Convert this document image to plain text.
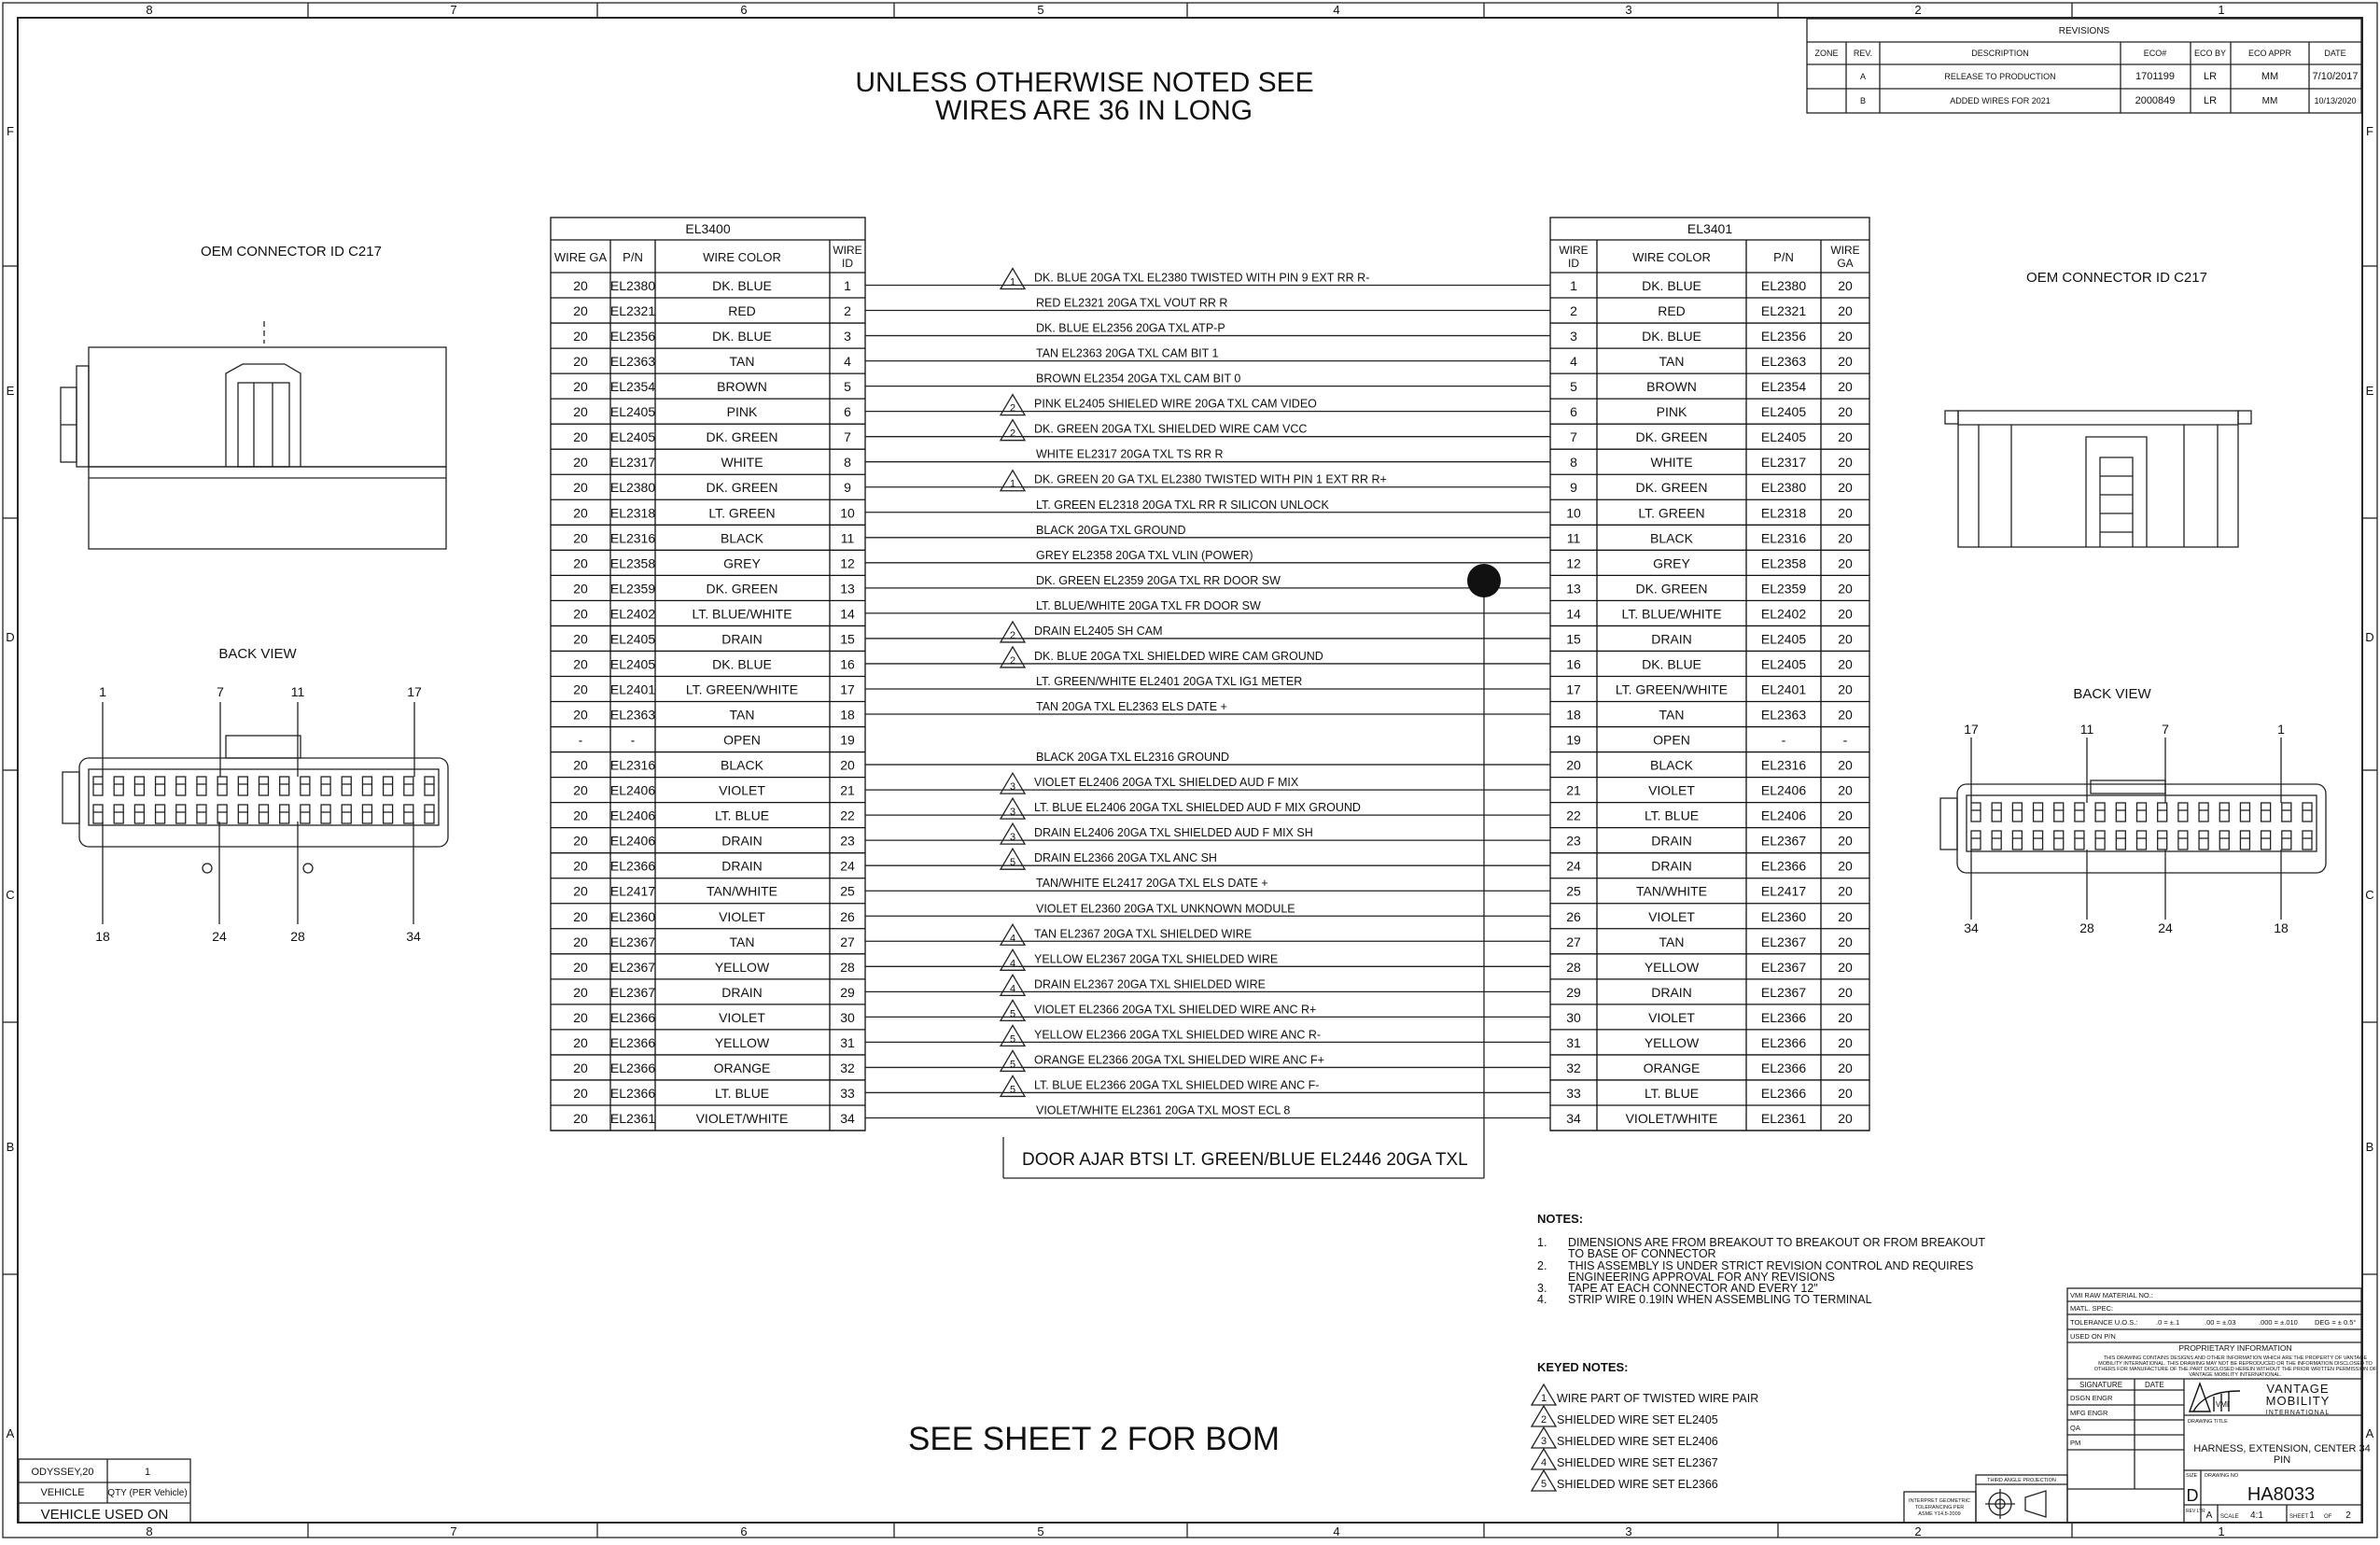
8
8
7
7
6
6
5
5
4
4
3
3
2
2
1
1
F	F
E	E
D	D
C	C
B	B
A	A
UNLESS OTHERWISE NOTED SEE
WIRES ARE 36 IN LONG
REVISIONS
ZONE REV.	DESCRIPTION	ECO#	ECO BY	ECO APPR	DATE
A	RELEASE TO PRODUCTION	1701199	LR	MM	7/10/2017
B	ADDED WIRES FOR 2021	2000849	LR	MM	10/13/2020
OEM CONNECTOR ID C217
BACK VIEW
1	7	11	17
18	24	28	34
OEM CONNECTOR ID C217
BACK VIEW
17	11	7	1
34	28	24	18
EL3400
WIRE GA P/N	WIRE COLOR	WIRE
ID
20 EL2380	DK. BLUE	1
20 EL2321	RED	2
20 EL2356	DK. BLUE	3
20 EL2363	TAN	4
20 EL2354	BROWN	5
20 EL2405	PINK	6
20 EL2405	DK. GREEN	7
20 EL2317	WHITE	8
20 EL2380	DK. GREEN	9
20 EL2318	LT. GREEN	10
20 EL2316	BLACK	11
20 EL2358	GREY	12
20 EL2359	DK. GREEN	13
20 EL2402	LT. BLUE/WHITE	14
20 EL2405	DRAIN	15
20 EL2405	DK. BLUE	16
20 EL2401 LT. GREEN/WHITE	17
20 EL2363	TAN	18
-	-	OPEN	19
20 EL2316	BLACK	20
20 EL2406	VIOLET	21
20 EL2406	LT. BLUE	22
20 EL2406	DRAIN	23
20 EL2366	DRAIN	24
20 EL2417	TAN/WHITE	25
20 EL2360	VIOLET	26
20 EL2367	TAN	27
20 EL2367	YELLOW	28
20 EL2367	DRAIN	29
20 EL2366	VIOLET	30
20 EL2366	YELLOW	31
20 EL2366	ORANGE	32
20 EL2366	LT. BLUE	33
20 EL2361	VIOLET/WHITE	34
EL3401
WIRE
ID	WIRE COLOR	P/N	WIRE
GA
1	DK. BLUE	EL2380 20
2	RED	EL2321 20
3	DK. BLUE	EL2356 20
4	TAN	EL2363 20
5	BROWN	EL2354 20
6	PINK	EL2405 20
7	DK. GREEN	EL2405 20
8	WHITE	EL2317 20
9	DK. GREEN	EL2380 20
10	LT. GREEN	EL2318 20
11	BLACK	EL2316 20
12	GREY	EL2358 20
13	DK. GREEN	EL2359 20
14	LT. BLUE/WHITE	EL2402 20
15	DRAIN	EL2405 20
16	DK. BLUE	EL2405 20
17	LT. GREEN/WHITE	EL2401 20
18	TAN	EL2363 20
19	OPEN	-	-
20	BLACK	EL2316 20
21	VIOLET	EL2406 20
22	LT. BLUE	EL2406 20
23	DRAIN	EL2367 20
24	DRAIN	EL2366 20
25	TAN/WHITE	EL2417 20
26	VIOLET	EL2360 20
27	TAN	EL2367 20
28	YELLOW	EL2367 20
29	DRAIN	EL2367 20
30	VIOLET	EL2366 20
31	YELLOW	EL2366 20
32	ORANGE	EL2366 20
33	LT. BLUE	EL2366 20
34	VIOLET/WHITE	EL2361 20
1 DK. BLUE 20GA TXL EL2380 TWISTED WITH PIN 9 EXT RR R-
RED EL2321 20GA TXL VOUT RR R
DK. BLUE EL2356 20GA TXL ATP-P
TAN EL2363 20GA TXL CAM BIT 1
BROWN EL2354 20GA TXL CAM BIT 0
2 PINK EL2405 SHIELED WIRE 20GA TXL CAM VIDEO
2 DK. GREEN 20GA TXL SHIELDED WIRE CAM VCC
WHITE EL2317 20GA TXL TS RR R
1 DK. GREEN 20 GA TXL EL2380 TWISTED WITH PIN 1 EXT RR R+
LT. GREEN EL2318 20GA TXL RR R SILICON UNLOCK
BLACK 20GA TXL GROUND
GREY EL2358 20GA TXL VLIN (POWER)
DK. GREEN EL2359 20GA TXL RR DOOR SW
LT. BLUE/WHITE 20GA TXL FR DOOR SW
2 DRAIN EL2405 SH CAM
2 DK. BLUE 20GA TXL SHIELDED WIRE CAM GROUND
LT. GREEN/WHITE EL2401 20GA TXL IG1 METER
TAN 20GA TXL EL2363 ELS DATE +
BLACK 20GA TXL EL2316 GROUND
3 VIOLET EL2406 20GA TXL SHIELDED AUD F MIX
3 LT. BLUE EL2406 20GA TXL SHIELDED AUD F MIX GROUND
3 DRAIN EL2406 20GA TXL SHIELDED AUD F MIX SH
5 DRAIN EL2366 20GA TXL ANC SH
TAN/WHITE EL2417 20GA TXL ELS DATE +
VIOLET EL2360 20GA TXL UNKNOWN MODULE
4 TAN EL2367 20GA TXL SHIELDED WIRE
4 YELLOW EL2367 20GA TXL SHIELDED WIRE
4 DRAIN EL2367 20GA TXL SHIELDED WIRE
5 VIOLET EL2366 20GA TXL SHIELDED WIRE ANC R+
5 YELLOW EL2366 20GA TXL SHIELDED WIRE ANC R-
5 ORANGE EL2366 20GA TXL SHIELDED WIRE ANC F+
5 LT. BLUE EL2366 20GA TXL SHIELDED WIRE ANC F-
VIOLET/WHITE EL2361 20GA TXL MOST ECL 8
DOOR AJAR BTSI LT. GREEN/BLUE EL2446 20GA TXL
NOTES:
1. DIMENSIONS ARE FROM BREAKOUT TO BREAKOUT OR FROM BREAKOUT
TO BASE OF CONNECTOR
2. THIS ASSEMBLY IS UNDER STRICT REVISION CONTROL AND REQUIRES
ENGINEERING APPROVAL FOR ANY REVISIONS
3. TAPE AT EACH CONNECTOR AND EVERY 12"
4. STRIP WIRE 0.19IN WHEN ASSEMBLING TO TERMINAL
KEYED NOTES:
1 WIRE PART OF TWISTED WIRE PAIR
2 SHIELDED WIRE SET EL2405
3 SHIELDED WIRE SET EL2406
4 SHIELDED WIRE SET EL2367
5 SHIELDED WIRE SET EL2366
SEE SHEET 2 FOR BOM
ODYSSEY,20	1
VEHICLE QTY (PER Vehicle)
VEHICLE USED ON
VMI RAW MATERIAL NO.:
MATL. SPEC:
TOLERANCE U.O.S.:	.0 = ±.1	.00 = ±.03	.000 = ±.010 DEG = ± 0.5°
USED ON P/N
PROPRIETARY INFORMATION
THIS DRAWING CONTAINS DESIGNS AND OTHER INFORMATION WHICH ARE THE PROPERTY OF VANTAGE
MOBILITY INTERNATIONAL. THIS DRAWING MAY NOT BE REPRODUCED OR THE INFORMATION DISCLOSED TO
OTHERS FOR MANUFACTURE OF THE PART DISCLOSED HEREIN WITHOUT THE PRIOR WRITTEN PERMISSION OF
VANTAGE MOBILITY INTERNATIONAL.
SIGNATURE	DATE
DSGN ENGR
MFG ENGR
QA
PM
VMI
VANTAGE
MOBILITY
INTERNATIONAL
DRAWING TITLE
HARNESS, EXTENSION, CENTER 34
PIN
SIZE
D
DRAWING NO
HA8033
REV LTR A SCALE 4:1	SHEET 1 OF 2
THIRD ANGLE PROJECTION
INTERPRET GEOMETRIC
TOLERANCING PER
ASME Y14.5-2009
